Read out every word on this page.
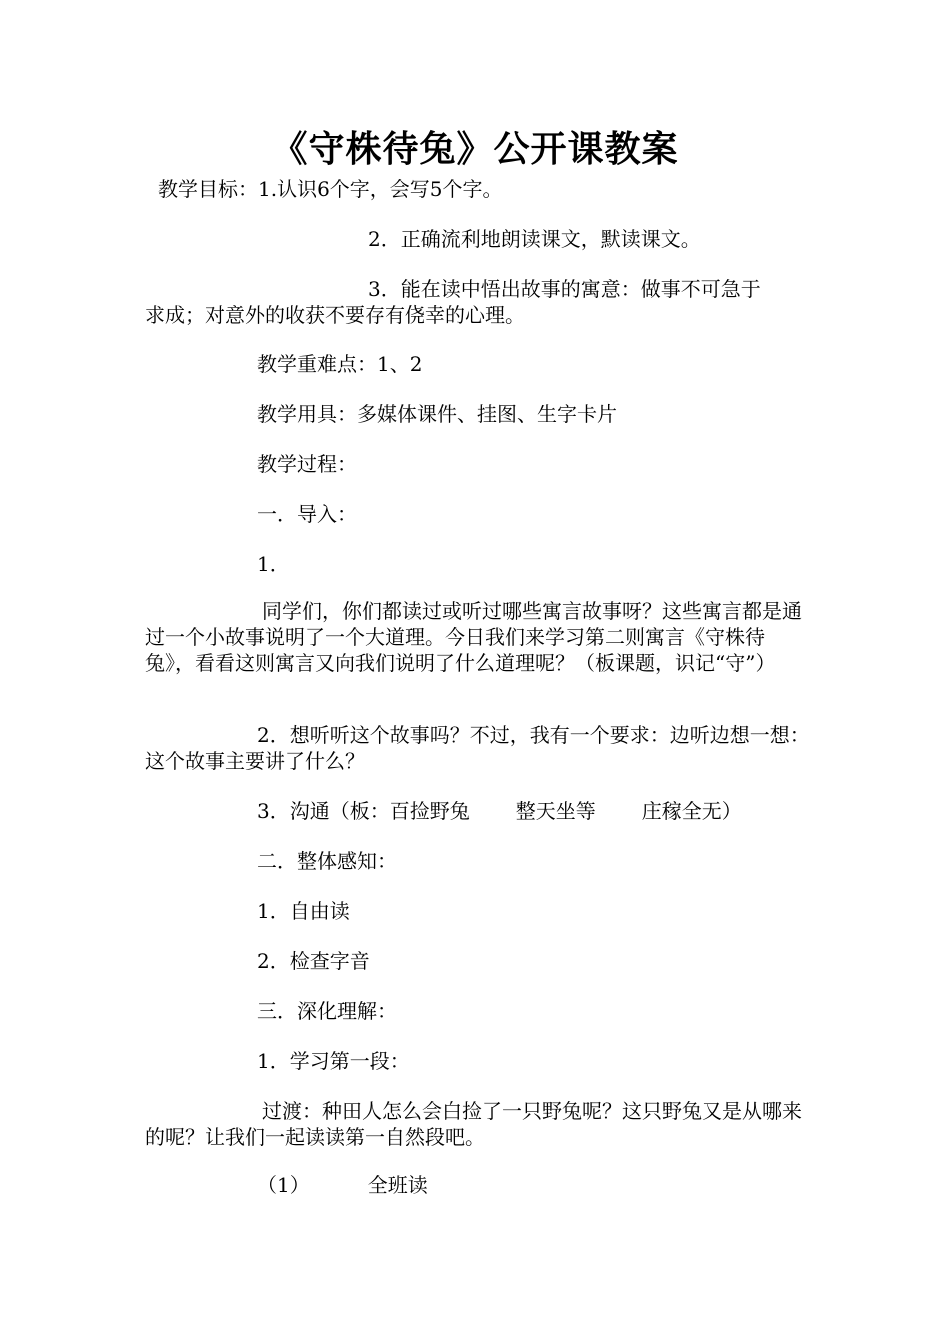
《守株待兔》公开课教案
教学目标：1.认识6个字，会写5个字。
2．正确流利地朗读课文，默读课文。
3．能在读中悟出故事的寓意：做事不可急于
求成；对意外的收获不要存有侥幸的心理。
教学重难点：1、2
教学用具：多媒体课件、挂图、生字卡片
教学过程：
一．导入：
1．
同学们，你们都读过或听过哪些寓言故事呀？这些寓言都是通过一个小故事说明了一个大道理。今日我们来学习第二则寓言《守株待兔》，看看这则寓言又向我们说明了什么道理呢？（板课题，识记“守”）
2．想听听这个故事吗？不过，我有一个要求：边听边想一想：这个故事主要讲了什么？
3．沟通（板：百捡野兔 整天坐等 庄稼全无）
二．整体感知：
1．自由读
2．检查字音
三．深化理解：
1．学习第一段：
过渡：种田人怎么会白捡了一只野兔呢？这只野兔又是从哪来的呢？让我们一起读读第一自然段吧。
（1）	全班读
